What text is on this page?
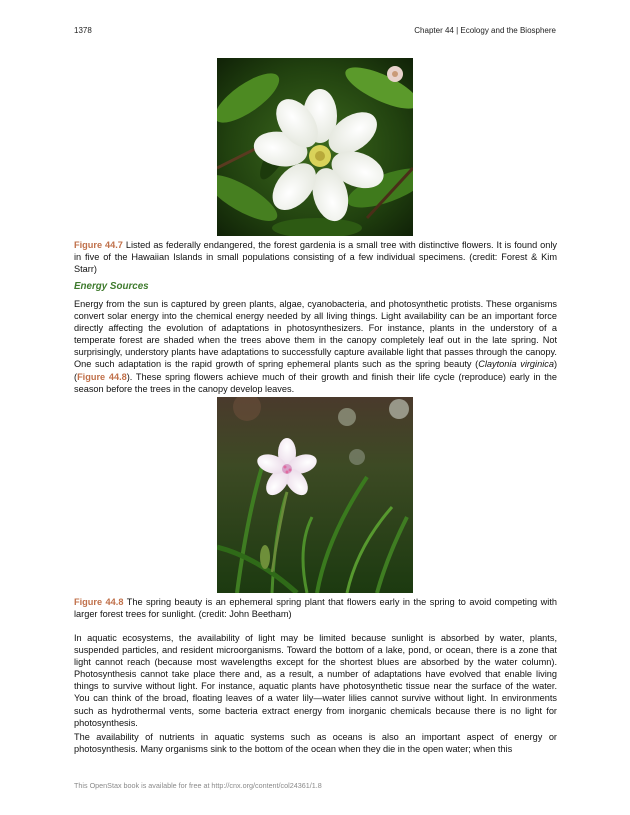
1378	Chapter 44 | Ecology and the Biosphere
Figure 44.7 Listed as federally endangered, the forest gardenia is a small tree with distinctive flowers. It is found only in five of the Hawaiian Islands in small populations consisting of a few individual specimens. (credit: Forest & Kim Starr)
Energy Sources
Energy from the sun is captured by green plants, algae, cyanobacteria, and photosynthetic protists. These organisms convert solar energy into the chemical energy needed by all living things. Light availability can be an important force directly affecting the evolution of adaptations in photosynthesizers. For instance, plants in the understory of a temperate forest are shaded when the trees above them in the canopy completely leaf out in the late spring. Not surprisingly, understory plants have adaptations to successfully capture available light that passes through the canopy. One such adaptation is the rapid growth of spring ephemeral plants such as the spring beauty (Claytonia virginica) (Figure 44.8). These spring flowers achieve much of their growth and finish their life cycle (reproduce) early in the season before the trees in the canopy develop leaves.
Figure 44.8 The spring beauty is an ephemeral spring plant that flowers early in the spring to avoid competing with larger forest trees for sunlight. (credit: John Beetham)
In aquatic ecosystems, the availability of light may be limited because sunlight is absorbed by water, plants, suspended particles, and resident microorganisms. Toward the bottom of a lake, pond, or ocean, there is a zone that light cannot reach (because most wavelengths except for the shortest blues are absorbed by the water column). Photosynthesis cannot take place there and, as a result, a number of adaptations have evolved that enable living things to survive without light. For instance, aquatic plants have photosynthetic tissue near the surface of the water. You can think of the broad, floating leaves of a water lily—water lilies cannot survive without light. In environments such as hydrothermal vents, some bacteria extract energy from inorganic chemicals because there is no light for photosynthesis.
The availability of nutrients in aquatic systems such as oceans is also an important aspect of energy or photosynthesis. Many organisms sink to the bottom of the ocean when they die in the open water; when this
This OpenStax book is available for free at http://cnx.org/content/col24361/1.8
